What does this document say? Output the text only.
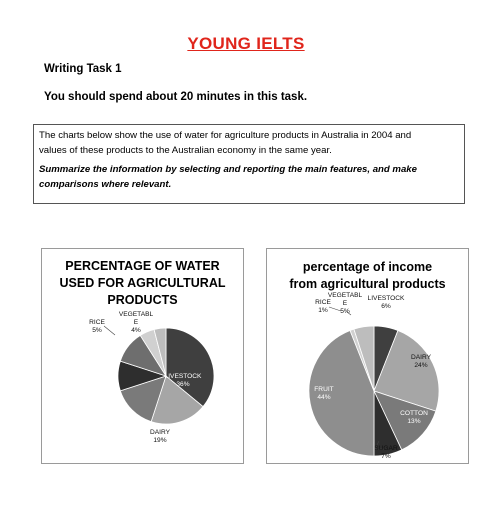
YOUNG IELTS
Writing Task 1
You should spend about 20 minutes in this task.

The charts below show the use of water for agriculture products in Australia in 2004 and

values of these products to the Australian economy in the same year.

Summarize the information by selecting and reporting the main features, and make

comparisons where relevant.

LIVESTOCK 36%
DAIRY 19%
COTTON 15%
SUGAR 10%
FRUIT 11%
RICE 5%
VEGETABL E 4%
PERCENTAGE OF WATER
USED FOR AGRICULTURAL
PRODUCTS	LIVESTOCK 6%
DAIRY 24%
COTTON 13%
SUGAR 7%
FRUIT 44%
RICE 1%
VEGETABL E 5%
percentage of income
from agricultural products
